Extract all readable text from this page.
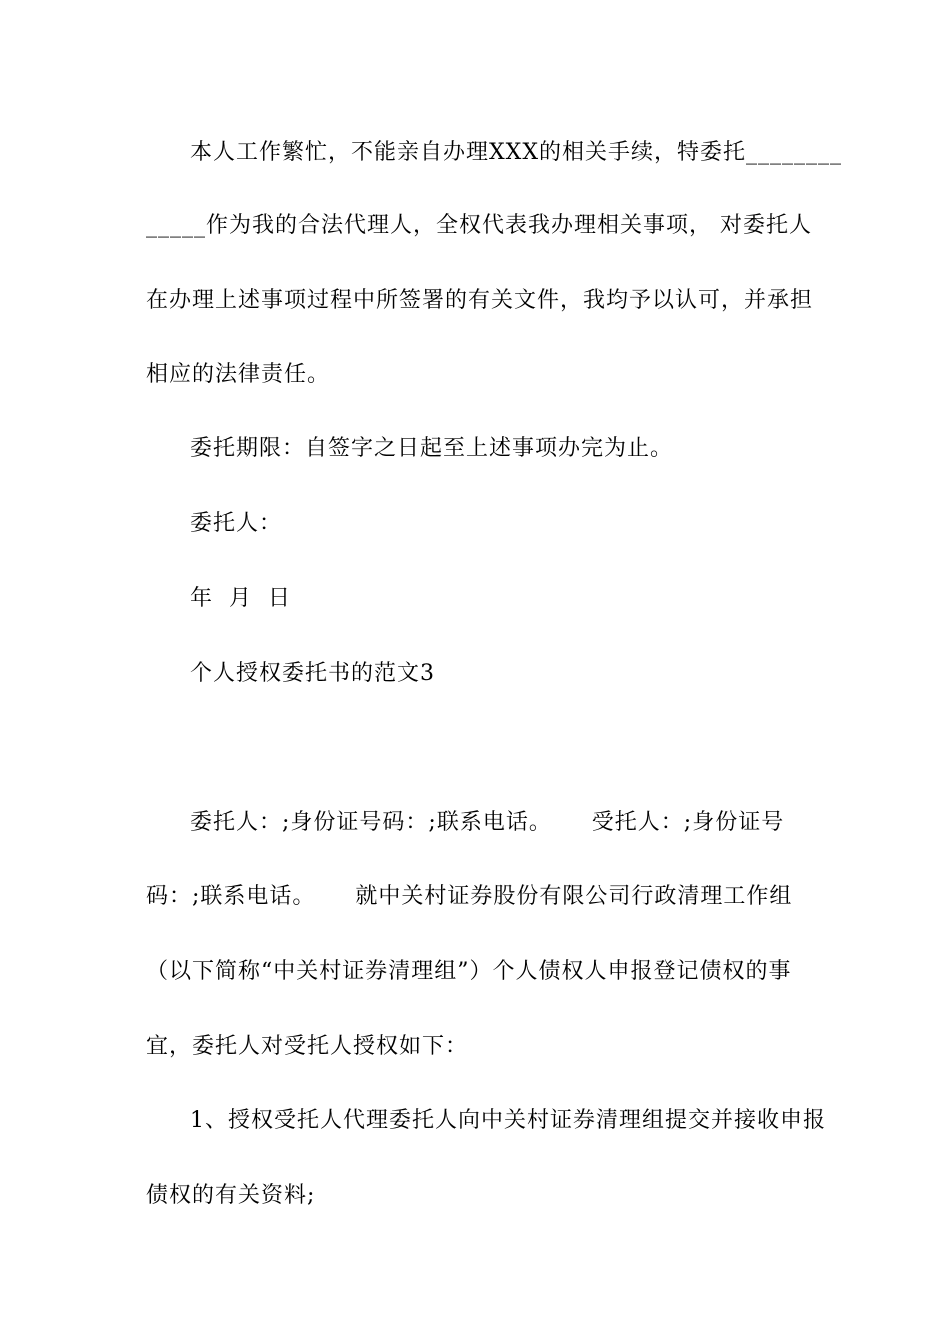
本人工作繁忙，不能亲自办理XXX的相关手续，特委托________

_____作为我的合法代理人，全权代表我办理相关事项， 对委托人

在办理上述事项过程中所签署的有关文件，我均予以认可，并承担

相应的法律责任。

委托期限：自签字之日起至上述事项办完为止。

委托人：

年  月  日

个人授权委托书的范文3

委托人：;身份证号码：;联系电话。     受托人：;身份证号

码：;联系电话。     就中关村证券股份有限公司行政清理工作组

（以下简称“中关村证券清理组”）个人债权人申报登记债权的事

宜，委托人对受托人授权如下：

1、授权受托人代理委托人向中关村证券清理组提交并接收申报

债权的有关资料;
